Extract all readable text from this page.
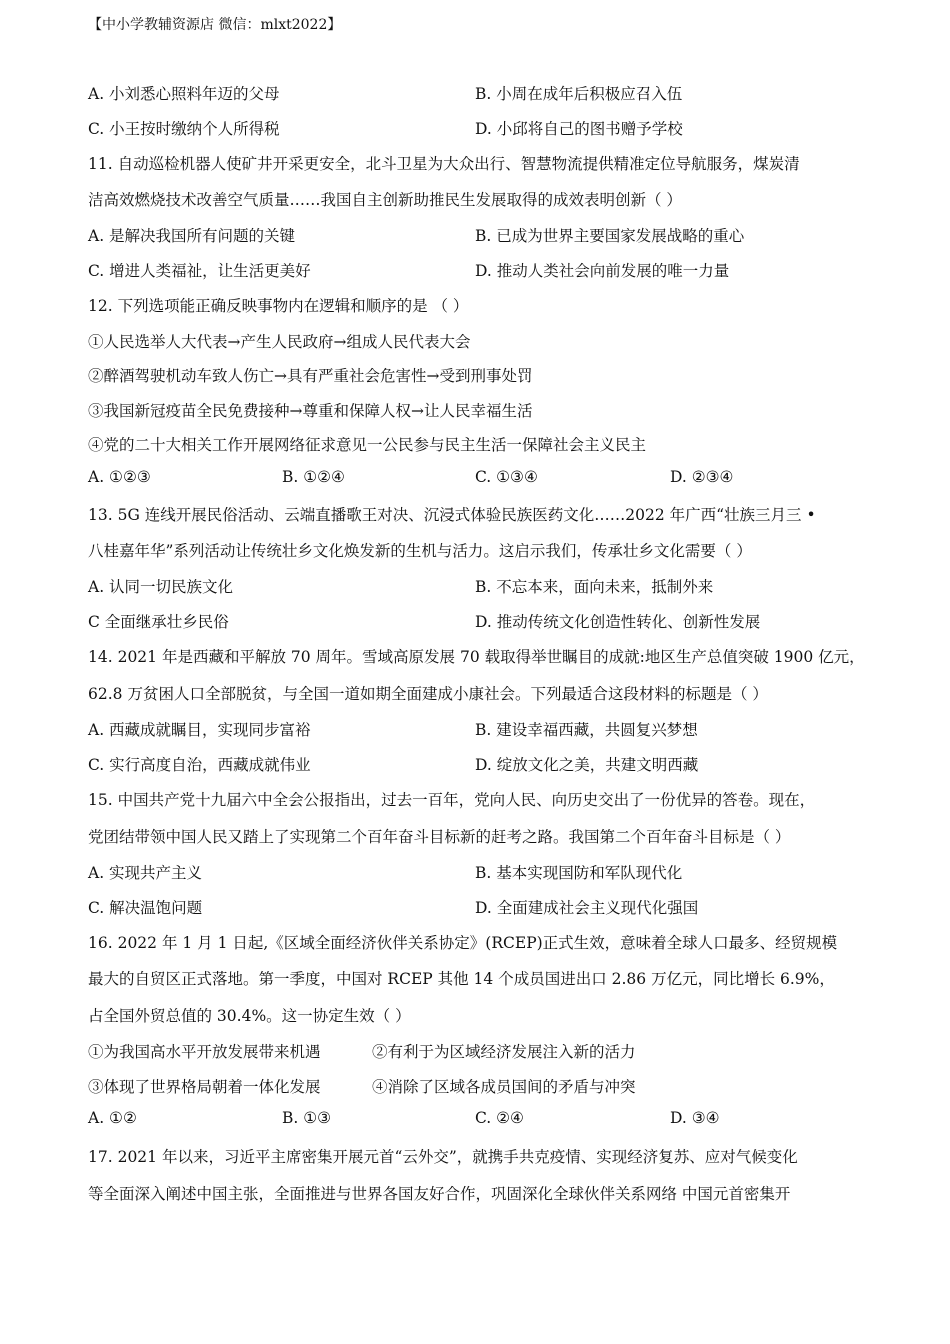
【中小学教辅资源店 微信：mlxt2022】
A. 小刘悉心照料年迈的父母	B. 小周在成年后积极应召入伍
C. 小王按时缴纳个人所得税	D. 小邱将自己的图书赠予学校
11. 自动巡检机器人使矿井开采更安全，北斗卫星为大众出行、智慧物流提供精准定位导航服务，煤炭清
洁高效燃烧技术改善空气质量……我国自主创新助推民生发展取得的成效表明创新（ ）
A. 是解决我国所有问题的关键	B. 已成为世界主要国家发展战略的重心
C. 增进人类福祉，让生活更美好	D. 推动人类社会向前发展的唯一力量
12. 下列选项能正确反映事物内在逻辑和顺序的是 （ ）
①人民选举人大代表→产生人民政府→组成人民代表大会
②醉酒驾驶机动车致人伤亡→具有严重社会危害性→受到刑事处罚
③我国新冠疫苗全民免费接种→尊重和保障人权→让人民幸福生活
④党的二十大相关工作开展网络征求意见一公民参与民主生活一保障社会主义民主
A. ①②③	B. ①②④	C. ①③④	D. ②③④
13. 5G 连线开展民俗活动、云端直播歌王对决、沉浸式体验民族医药文化……2022 年广西“壮族三月三 •
八桂嘉年华”系列活动让传统壮乡文化焕发新的生机与活力。这启示我们，传承壮乡文化需要（ ）
A. 认同一切民族文化	B. 不忘本来，面向未来，抵制外来
C 全面继承壮乡民俗	D. 推动传统文化创造性转化、创新性发展
14. 2021 年是西藏和平解放 70 周年。雪域高原发展 70 载取得举世瞩目的成就:地区生产总值突破 1900 亿元，
62.8 万贫困人口全部脱贫，与全国一道如期全面建成小康社会。下列最适合这段材料的标题是（ ）
A. 西藏成就瞩目，实现同步富裕	B. 建设幸福西藏，共圆复兴梦想
C. 实行高度自治，西藏成就伟业	D. 绽放文化之美，共建文明西藏
15. 中国共产党十九届六中全会公报指出，过去一百年，党向人民、向历史交出了一份优异的答卷。现在，
党团结带领中国人民又踏上了实现第二个百年奋斗目标新的赶考之路。我国第二个百年奋斗目标是（ ）
A. 实现共产主义	B. 基本实现国防和军队现代化
C. 解决温饱问题	D. 全面建成社会主义现代化强国
16. 2022 年 1 月 1 日起,《区域全面经济伙伴关系协定》(RCEP)正式生效，意味着全球人口最多、经贸规模
最大的自贸区正式落地。第一季度，中国对 RCEP 其他 14 个成员国进出口 2.86 万亿元，同比增长 6.9%，
占全国外贸总值的 30.4%。这一协定生效（ ）
①为我国高水平开放发展带来机遇	②有利于为区域经济发展注入新的活力
③体现了世界格局朝着一体化发展	④消除了区域各成员国间的矛盾与冲突
A. ①②	B. ①③	C. ②④	D. ③④
17. 2021 年以来，习近平主席密集开展元首“云外交”，就携手共克疫情、实现经济复苏、应对气候变化
等全面深入阐述中国主张，全面推进与世界各国友好合作，巩固深化全球伙伴关系网络 中国元首密集开
